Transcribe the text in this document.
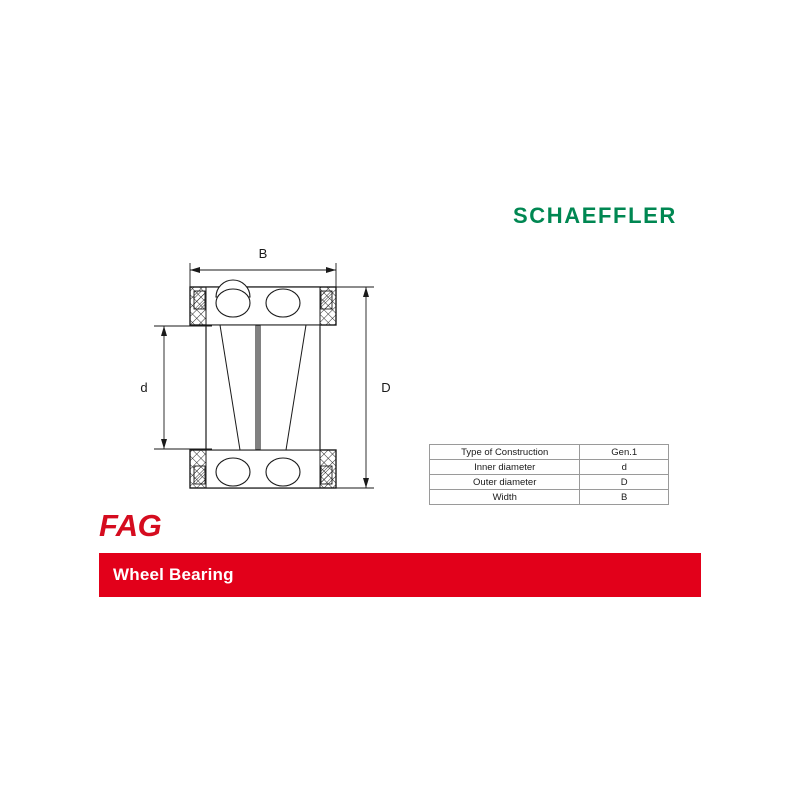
SCHAEFFLER
B
d	D
Type of Construction	Gen.1
Inner diameter	d
Outer diameter	D
Width	B
FAG
Wheel Bearing
